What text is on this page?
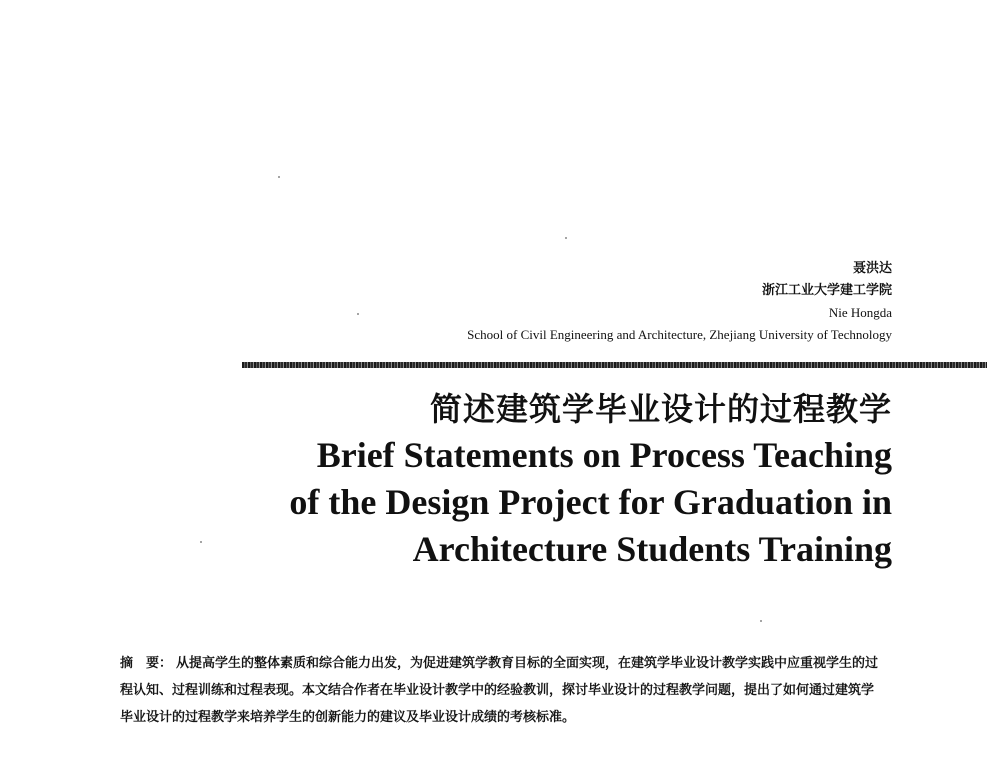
聂洪达
浙江工业大学建工学院
Nie Hongda
School of Civil Engineering and Architecture, Zhejiang University of Technology
简述建筑学毕业设计的过程教学
Brief Statements on Process Teaching
of the Design Project for Graduation in
Architecture Students Training
摘　要： 从提高学生的整体素质和综合能力出发，为促进建筑学教育目标的全面实现，在建筑学毕业设计教学实践中应重视学生的过程认知、过程训练和过程表现。本文结合作者在毕业设计教学中的经验教训，探讨毕业设计的过程教学问题，提出了如何通过建筑学毕业设计的过程教学来培养学生的创新能力的建议及毕业设计成绩的考核标准。
